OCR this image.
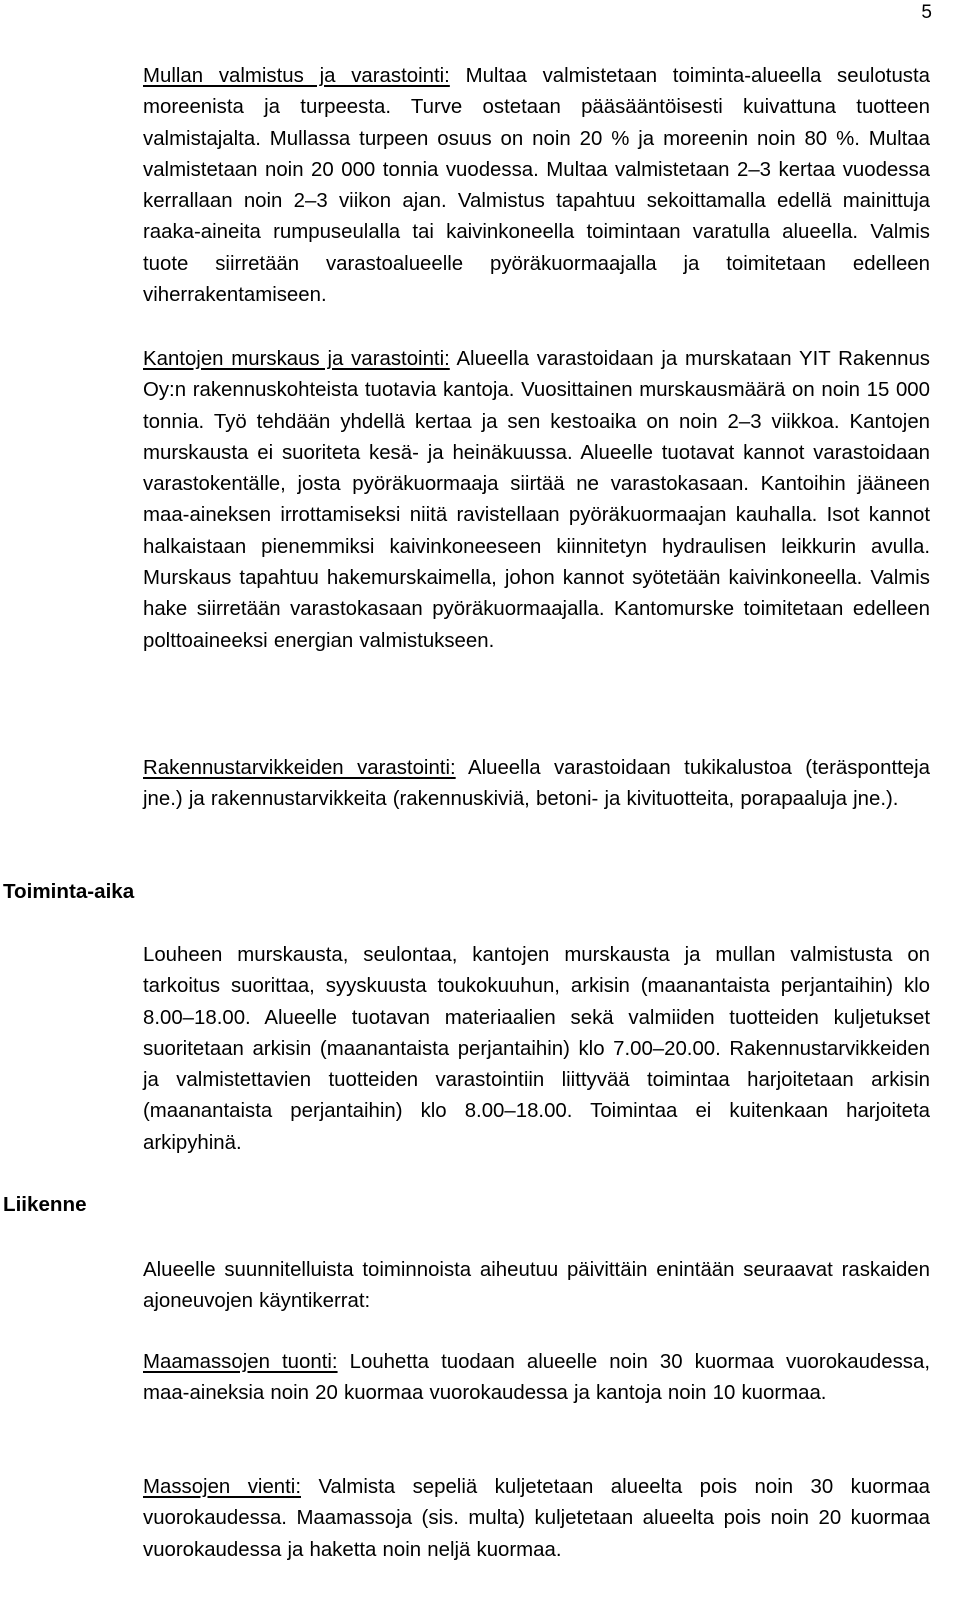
5

Mullan valmistus ja varastointi: Multaa valmistetaan toiminta-alueella seulotusta moreenista ja turpeesta. Turve ostetaan pääsääntöisesti kuivattuna tuotteen valmistajalta. Mullassa turpeen osuus on noin 20 % ja moreenin noin 80 %. Multaa valmistetaan noin 20 000 tonnia vuodessa. Multaa valmistetaan 2–3 kertaa vuodessa kerrallaan noin 2–3 viikon ajan. Valmistus tapahtuu sekoittamalla edellä mainittuja raaka-aineita rumpuseulalla tai kaivinkoneella toimintaan varatulla alueella. Valmis tuote siirretään varastoalueelle pyöräkuormaajalla ja toimitetaan edelleen viherrakentamiseen.

Kantojen murskaus ja varastointi: Alueella varastoidaan ja murskataan YIT Rakennus Oy:n rakennuskohteista tuotavia kantoja. Vuosittainen murskausmäärä on noin 15 000 tonnia. Työ tehdään yhdellä kertaa ja sen kestoaika on noin 2–3 viikkoa. Kantojen murskausta ei suoriteta kesä- ja heinäkuussa. Alueelle tuotavat kannot varastoidaan varastokentälle, josta pyöräkuormaaja siirtää ne varastokasaan. Kantoihin jääneen maa-aineksen irrottamiseksi niitä ravistellaan pyöräkuormaajan kauhalla. Isot kannot halkaistaan pienemmiksi kaivinkoneeseen kiinnitetyn hydraulisen leikkurin avulla. Murskaus tapahtuu hakemurskaimella, johon kannot syötetään kaivinkoneella. Valmis hake siirretään varastokasaan pyöräkuormaajalla. Kantomurske toimitetaan edelleen polttoaineeksi energian valmistukseen.

Rakennustarvikkeiden varastointi: Alueella varastoidaan tukikalustoa (teräspontteja jne.) ja rakennustarvikkeita (rakennuskiviä, betoni- ja kivituotteita, porapaaluja jne.).

Toiminta-aika

Louheen murskausta, seulontaa, kantojen murskausta ja mullan valmistusta on tarkoitus suorittaa, syyskuusta toukokuuhun, arkisin (maanantaista perjantaihin) klo 8.00–18.00. Alueelle tuotavan materiaalien sekä valmiiden tuotteiden kuljetukset suoritetaan arkisin (maanantaista perjantaihin) klo 7.00–20.00. Rakennustarvikkeiden ja valmistettavien tuotteiden varastointiin liittyvää toimintaa harjoitetaan arkisin (maanantaista perjantaihin) klo 8.00–18.00. Toimintaa ei kuitenkaan harjoiteta arkipyhinä.

Liikenne

Alueelle suunnitelluista toiminnoista aiheutuu päivittäin enintään seuraavat raskaiden ajoneuvojen käyntikerrat:

Maamassojen tuonti: Louhetta tuodaan alueelle noin 30 kuormaa vuorokaudessa, maa-aineksia noin 20 kuormaa vuorokaudessa ja kantoja noin 10 kuormaa.

Massojen vienti: Valmista sepeliä kuljetetaan alueelta pois noin 30 kuormaa vuorokaudessa. Maamassoja (sis. multa) kuljetetaan alueelta pois noin 20 kuormaa vuorokaudessa ja haketta noin neljä kuormaa.
